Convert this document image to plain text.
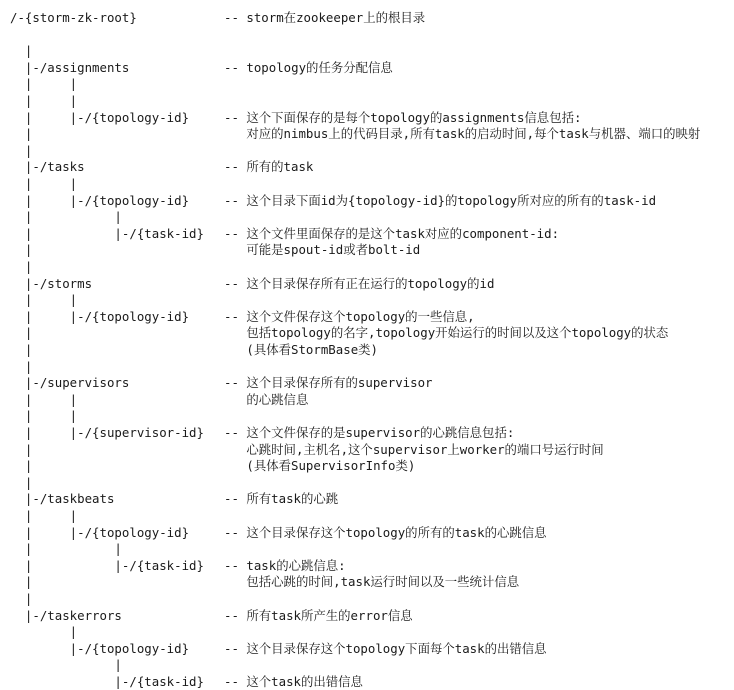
/-{storm-zk-root}	-- storm在zookeeper上的根目录
|
|-/assignments	-- topology的任务分配信息
|     |
|     |
|     |-/{topology-id}	-- 这个下面保存的是每个topology的assignments信息包括:
|	对应的nimbus上的代码目录,所有task的启动时间,每个task与机器、端口的映射
|
|-/tasks	-- 所有的task
|     |
|     |-/{topology-id}	-- 这个目录下面id为{topology-id}的topology所对应的所有的task-id
|           |
|           |-/{task-id} -- 这个文件里面保存的是这个task对应的component-id:
|	可能是spout-id或者bolt-id
|
|-/storms	-- 这个目录保存所有正在运行的topology的id
|     |
|     |-/{topology-id}	-- 这个文件保存这个topology的一些信息,
|	包括topology的名字,topology开始运行的时间以及这个topology的状态
|	(具体看StormBase类)
|
|-/supervisors	-- 这个目录保存所有的supervisor
|     |	的心跳信息
|     |
|     |-/{supervisor-id} -- 这个文件保存的是supervisor的心跳信息包括:
|	心跳时间,主机名,这个supervisor上worker的端口号运行时间
|	(具体看SupervisorInfo类)
|
|-/taskbeats	-- 所有task的心跳
|     |
|     |-/{topology-id}	-- 这个目录保存这个topology的所有的task的心跳信息
|           |
|           |-/{task-id} -- task的心跳信息:
|	包括心跳的时间,task运行时间以及一些统计信息
|
|-/taskerrors	-- 所有task所产生的error信息
|
|-/{topology-id}	-- 这个目录保存这个topology下面每个task的出错信息
|
|-/{task-id} -- 这个task的出错信息
